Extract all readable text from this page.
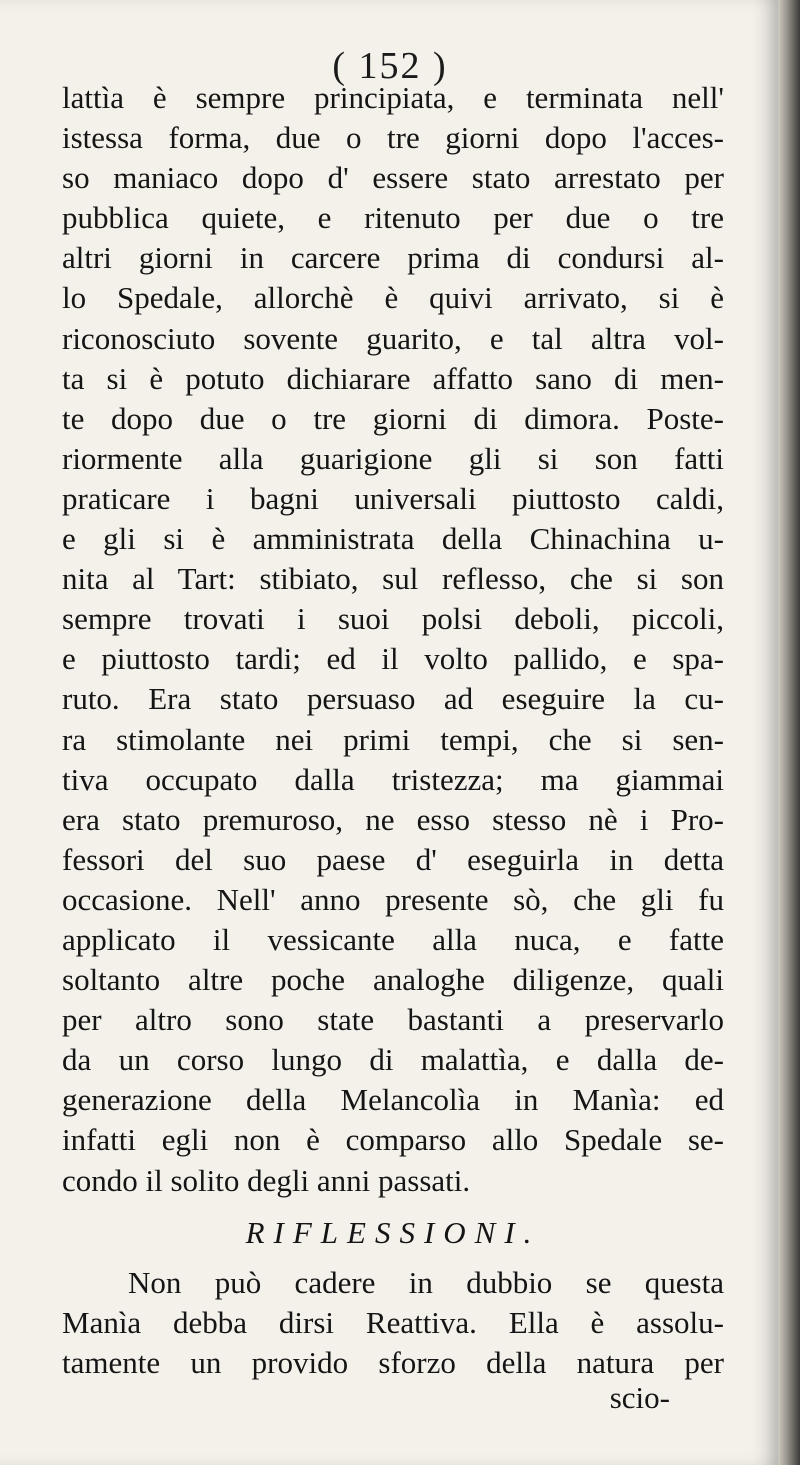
( 152 )
lattìa è sempre principiata, e terminata nell'
istessa forma, due o tre giorni dopo l'acces-
so maniaco dopo d' essere stato arrestato per
pubblica quiete, e ritenuto per due o tre
altri giorni in carcere prima di condursi al-
lo Spedale, allorchè è quivi arrivato, si è
riconosciuto sovente guarito, e tal altra vol-
ta si è potuto dichiarare affatto sano di men-
te dopo due o tre giorni di dimora. Poste-
riormente alla guarigione gli si son fatti
praticare i bagni universali piuttosto caldi,
e gli si è amministrata della Chinachina u-
nita al Tart: stibiato, sul reflesso, che si son
sempre trovati i suoi polsi deboli, piccoli,
e piuttosto tardi; ed il volto pallido, e spa-
ruto. Era stato persuaso ad eseguire la cu-
ra stimolante nei primi tempi, che si sen-
tiva occupato dalla tristezza; ma giammai
era stato premuroso, ne esso stesso nè i Pro-
fessori del suo paese d' eseguirla in detta
occasione. Nell' anno presente sò, che gli fu
applicato il vessicante alla nuca, e fatte
soltanto altre poche analoghe diligenze, quali
per altro sono state bastanti a preservarlo
da un corso lungo di malattìa, e dalla de-
generazione della Melancolìa in Manìa: ed
infatti egli non è comparso allo Spedale se-
condo il solito degli anni passati.
RIFLESSIONI.
Non può cadere in dubbio se questa
Manìa debba dirsi Reattiva. Ella è assolu-
tamente un provido sforzo della natura per
scio-
